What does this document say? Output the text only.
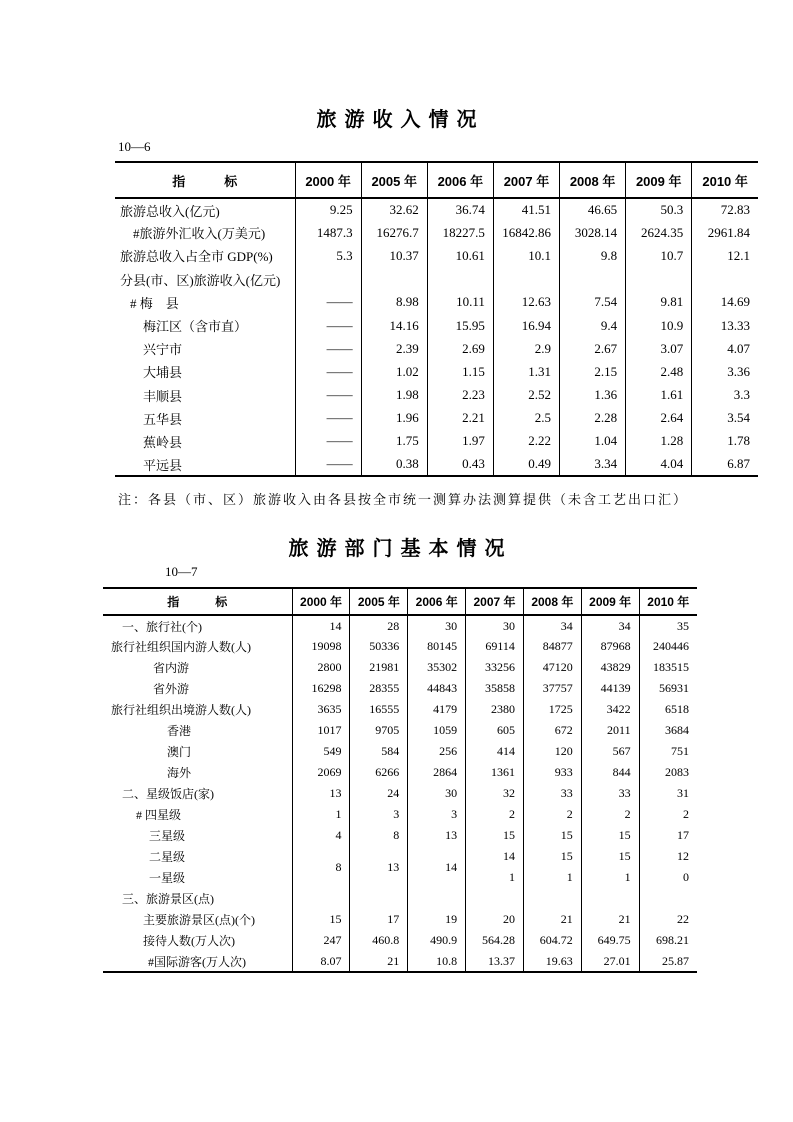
旅游收入情况
10—6
指　　　标	2000 年	2005 年	2006 年	2007 年	2008 年	2009 年	2010 年
旅游总收入(亿元)	9.25	32.62	36.74	41.51	46.65	50.3	72.83
#旅游外汇收入(万美元)	1487.3	16276.7	18227.5	16842.86	3028.14	2624.35	2961.84
旅游总收入占全市 GDP(%)	5.3	10.37	10.61	10.1	9.8	10.7	12.1
分县(市、区)旅游收入(亿元)							
# 梅　县	——	8.98	10.11	12.63	7.54	9.81	14.69
梅江区（含市直）	——	14.16	15.95	16.94	9.4	10.9	13.33
兴宁市	——	2.39	2.69	2.9	2.67	3.07	4.07
大埔县	——	1.02	1.15	1.31	2.15	2.48	3.36
丰顺县	——	1.98	2.23	2.52	1.36	1.61	3.3
五华县	——	1.96	2.21	2.5	2.28	2.64	3.54
蕉岭县	——	1.75	1.97	2.22	1.04	1.28	1.78
平远县	——	0.38	0.43	0.49	3.34	4.04	6.87
注：各县（市、区）旅游收入由各县按全市统一测算办法测算提供（未含工艺出口汇）
旅游部门基本情况
10—7
指　　　标	2000 年	2005 年	2006 年	2007 年	2008 年	2009 年	2010 年
一、旅行社(个)	14	28	30	30	34	34	35
旅行社组织国内游人数(人)	19098	50336	80145	69114	84877	87968	240446
省内游	2800	21981	35302	33256	47120	43829	183515
省外游	16298	28355	44843	35858	37757	44139	56931
旅行社组织出境游人数(人)	3635	16555	4179	2380	1725	3422	6518
香港	1017	9705	1059	605	672	2011	3684
澳门	549	584	256	414	120	567	751
海外	2069	6266	2864	1361	933	844	2083
二、星级饭店(家)	13	24	30	32	33	33	31
# 四星级	1	3	3	2	2	2	2
三星级	4	8	13	15	15	15	17
二星级	8	13	14	14	15	15	12
一星级				1	1	1	0
三、旅游景区(点)							
主要旅游景区(点)(个)	15	17	19	20	21	21	22
接待人数(万人次)	247	460.8	490.9	564.28	604.72	649.75	698.21
#国际游客(万人次)	8.07	21	10.8	13.37	19.63	27.01	25.87
